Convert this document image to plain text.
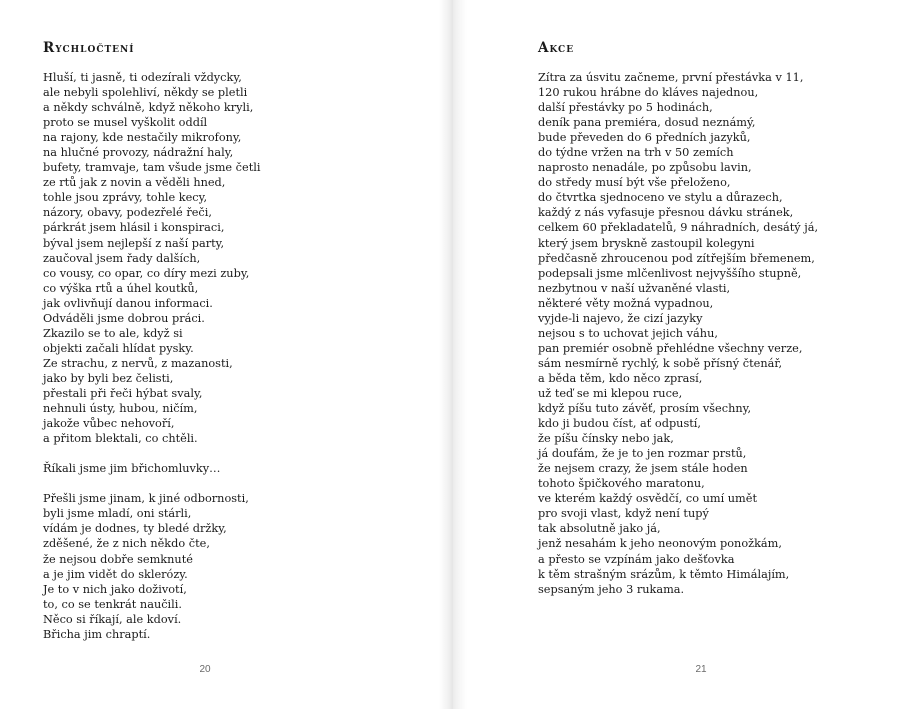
Rychločtení
Hluší, ti jasně, ti odezírali vždycky,
ale nebyli spolehliví, někdy se pletli
a někdy schválně, když někoho kryli,
proto se musel vyškolit oddíl
na rajony, kde nestačily mikrofony,
na hlučné provozy, nádražní haly,
bufety, tramvaje, tam všude jsme četli
ze rtů jak z novin a věděli hned,
tohle jsou zprávy, tohle kecy,
názory, obavy, podezřelé řeči,
párkrát jsem hlásil i konspiraci,
býval jsem nejlepší z naší party,
zaučoval jsem řady dalších,
co vousy, co opar, co díry mezi zuby,
co výška rtů a úhel koutků,
jak ovlivňují danou informaci.
Odváděli jsme dobrou práci.
Zkazilo se to ale, když si
objekti začali hlídat pysky.
Ze strachu, z nervů, z mazanosti,
jako by byli bez čelisti,
přestali při řeči hýbat svaly,
nehnuli ústy, hubou, ničím,
jakože vůbec nehovoří,
a přitom blektali, co chtěli.
Říkali jsme jim břichomluvky…
Přešli jsme jinam, k jiné odbornosti,
byli jsme mladí, oni stárli,
vídám je dodnes, ty bledé držky,
zděšené, že z nich někdo čte,
že nejsou dobře semknuté
a je jim vidět do sklerózy.
Je to v nich jako doživotí,
to, co se tenkrát naučili.
Něco si říkají, ale kdoví.
Břicha jim chraptí.
20
Akce
Zítra za úsvitu začneme, první přestávka v 11,
120 rukou hrábne do kláves najednou,
další přestávky po 5 hodinách,
deník pana premiéra, dosud neznámý,
bude převeden do 6 předních jazyků,
do týdne vržen na trh v 50 zemích
naprosto nenadále, po způsobu lavin,
do středy musí být vše přeloženo,
do čtvrtka sjednoceno ve stylu a důrazech,
každý z nás vyfasuje přesnou dávku stránek,
celkem 60 překladatelů, 9 náhradních, desátý já,
který jsem bryskně zastoupil kolegyni
předčasně zhroucenou pod zítřejším břemenem,
podepsali jsme mlčenlivost nejvyššího stupně,
nezbytnou v naší užvaněné vlasti,
některé věty možná vypadnou,
vyjde-li najevo, že cizí jazyky
nejsou s to uchovat jejich váhu,
pan premiér osobně přehlédne všechny verze,
sám nesmírně rychlý, k sobě přísný čtenář,
a běda těm, kdo něco zprasí,
už teď se mi klepou ruce,
když píšu tuto závěť, prosím všechny,
kdo ji budou číst, ať odpustí,
že píšu čínsky nebo jak,
já doufám, že je to jen rozmar prstů,
že nejsem crazy, že jsem stále hoden
tohoto špičkového maratonu,
ve kterém každý osvědčí, co umí umět
pro svoji vlast, když není tupý
tak absolutně jako já,
jenž nesahám k jeho neonovým ponožkám,
a přesto se vzpínám jako dešťovka
k těm strašným srázům, k těmto Himálajím,
sepsaným jeho 3 rukama.
21
